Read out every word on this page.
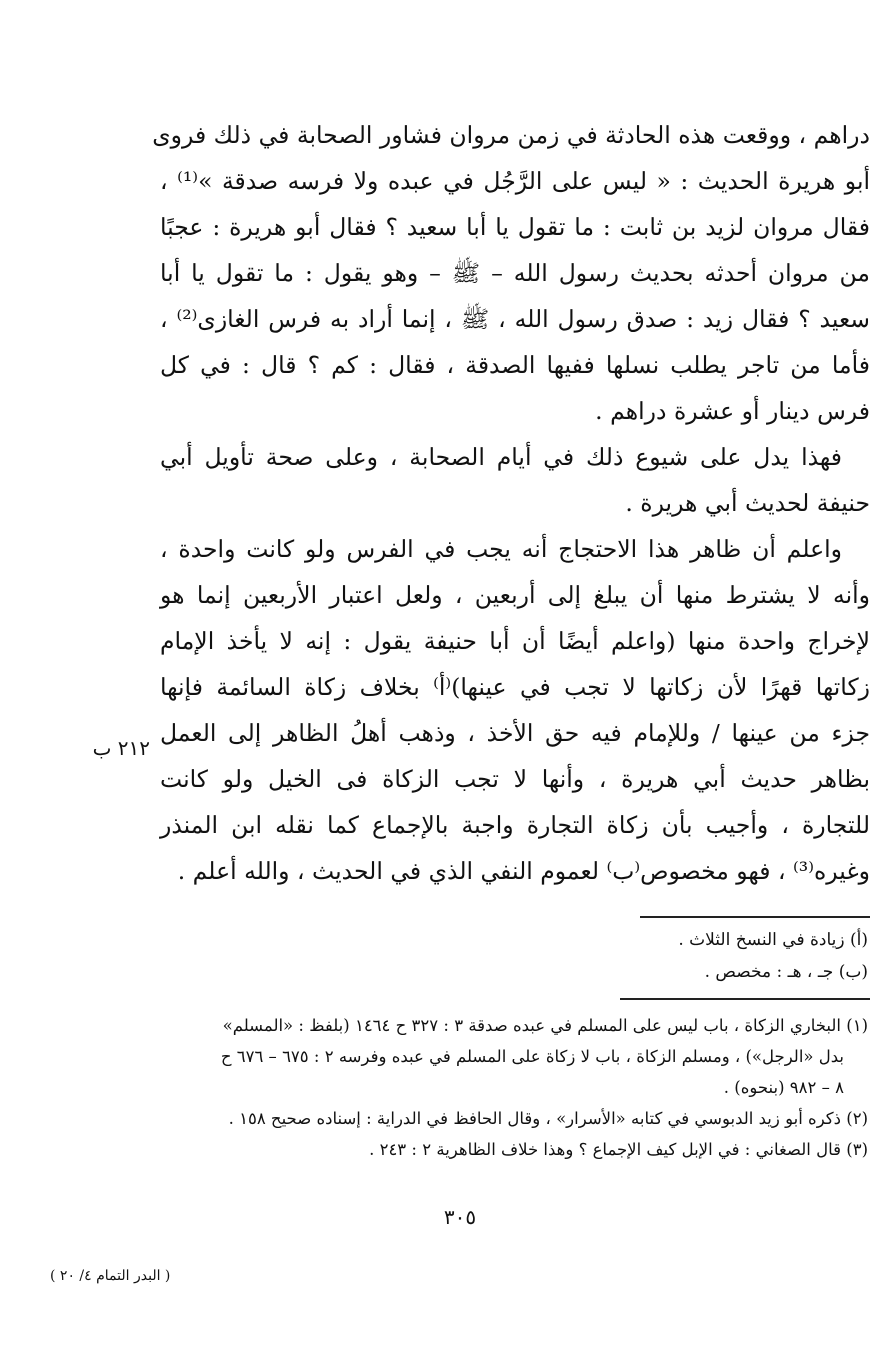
دراهم ، ووقعت هذه الحادثة في زمن مروان فشاور الصحابة في ذلك فروى
أبو هريرة الحديث : « ليس على الرَّجُل في عبده ولا فرسه صدقة »⁽¹⁾ ،
فقال مروان لزيد بن ثابت : ما تقول يا أبا سعيد ؟ فقال أبو هريرة : عجبًا
من مروان أحدثه بحديث رسول الله – ﷺ – وهو يقول : ما تقول يا أبا
سعيد ؟ فقال زيد : صدق رسول الله ، ﷺ ، إنما أراد به فرس الغازى⁽²⁾ ،
فأما من تاجر يطلب نسلها ففيها الصدقة ، فقال : كم ؟ قال : في كل
فرس دينار أو عشرة دراهم .
فهذا يدل على شيوع ذلك في أيام الصحابة ، وعلى صحة تأويل أبي
حنيفة لحديث أبي هريرة .
واعلم أن ظاهر هذا الاحتجاج أنه يجب في الفرس ولو كانت واحدة ،
وأنه لا يشترط منها أن يبلغ إلى أربعين ، ولعل اعتبار الأربعين إنما هو
لإخراج واحدة منها (واعلم أيضًا أن أبا حنيفة يقول : إنه لا يأخذ الإمام
زكاتها قهرًا لأن زكاتها لا تجب في عينها)⁽أ⁾ بخلاف زكاة السائمة فإنها
جزء من عينها / وللإمام فيه حق الأخذ ، وذهب أهلُ الظاهر إلى العمل
بظاهر حديث أبي هريرة ، وأنها لا تجب الزكاة فى الخيل ولو كانت
للتجارة ، وأجيب بأن زكاة التجارة واجبة بالإجماع كما نقله ابن المنذر
وغيره⁽³⁾ ، فهو مخصوص⁽ب⁾ لعموم النفي الذي في الحديث ، والله أعلم .
٢١٢ ب
(أ) زيادة في النسخ الثلاث .
(ب) جـ ، هـ : مخصص .
(١) البخاري الزكاة ، باب ليس على المسلم في عبده صدقة ٣ : ٣٢٧ ح ١٤٦٤ (بلفظ : «المسلم»
بدل «الرجل») ، ومسلم الزكاة ، باب لا زكاة على المسلم في عبده وفرسه ٢ : ٦٧٥ – ٦٧٦ ح
٨ – ٩٨٢ (بنحوه) .
(٢) ذكره أبو زيد الدبوسي في كتابه «الأسرار» ، وقال الحافظ في الدراية : إسناده صحيح ١٥٨ .
(٣) قال الصغاني : في الإبل كيف الإجماع ؟ وهذا خلاف الظاهرية ٢ : ٢٤٣ .
٣٠٥
( البدر التمام ٤/ ٢٠ )
